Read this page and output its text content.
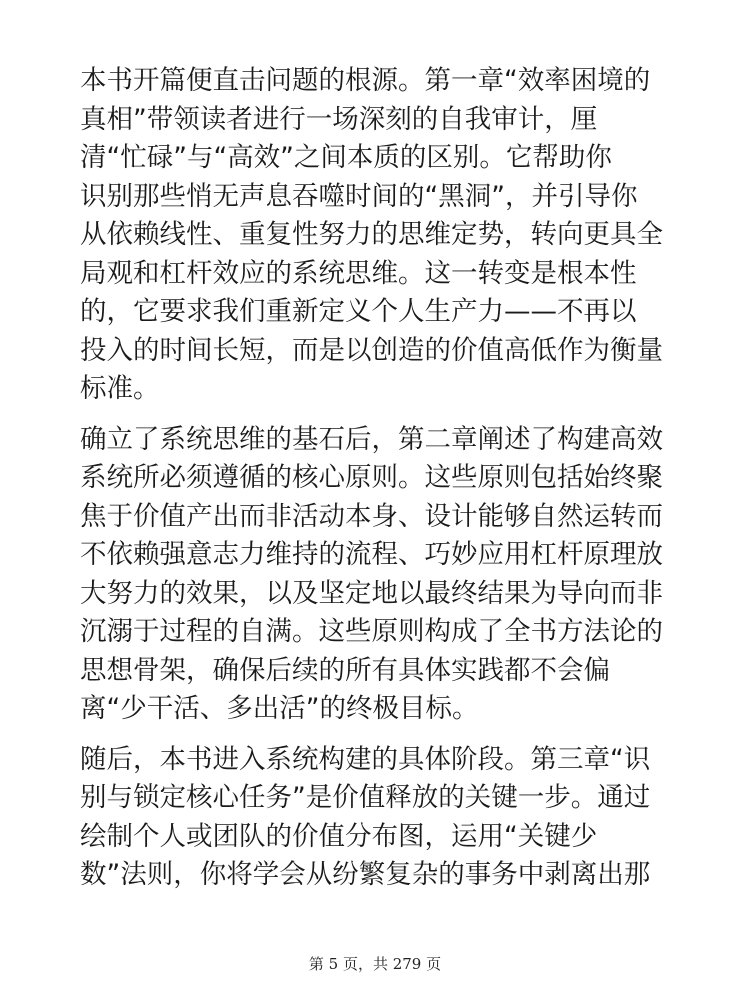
本书开篇便直击问题的根源。第一章“效率困境的
真相”带领读者进行一场深刻的自我审计，厘
清“忙碌”与“高效”之间本质的区别。它帮助你
识别那些悄无声息吞噬时间的“黑洞”，并引导你
从依赖线性、重复性努力的思维定势，转向更具全
局观和杠杆效应的系统思维。这一转变是根本性
的，它要求我们重新定义个人生产力——不再以
投入的时间长短，而是以创造的价值高低作为衡量
标准。

确立了系统思维的基石后，第二章阐述了构建高效
系统所必须遵循的核心原则。这些原则包括始终聚
焦于价值产出而非活动本身、设计能够自然运转而
不依赖强意志力维持的流程、巧妙应用杠杆原理放
大努力的效果，以及坚定地以最终结果为导向而非
沉溺于过程的自满。这些原则构成了全书方法论的
思想骨架，确保后续的所有具体实践都不会偏
离“少干活、多出活”的终极目标。

随后，本书进入系统构建的具体阶段。第三章“识
别与锁定核心任务”是价值释放的关键一步。通过
绘制个人或团队的价值分布图，运用“关键少
数”法则，你将学会从纷繁复杂的事务中剥离出那

第 5 页，共 279 页
